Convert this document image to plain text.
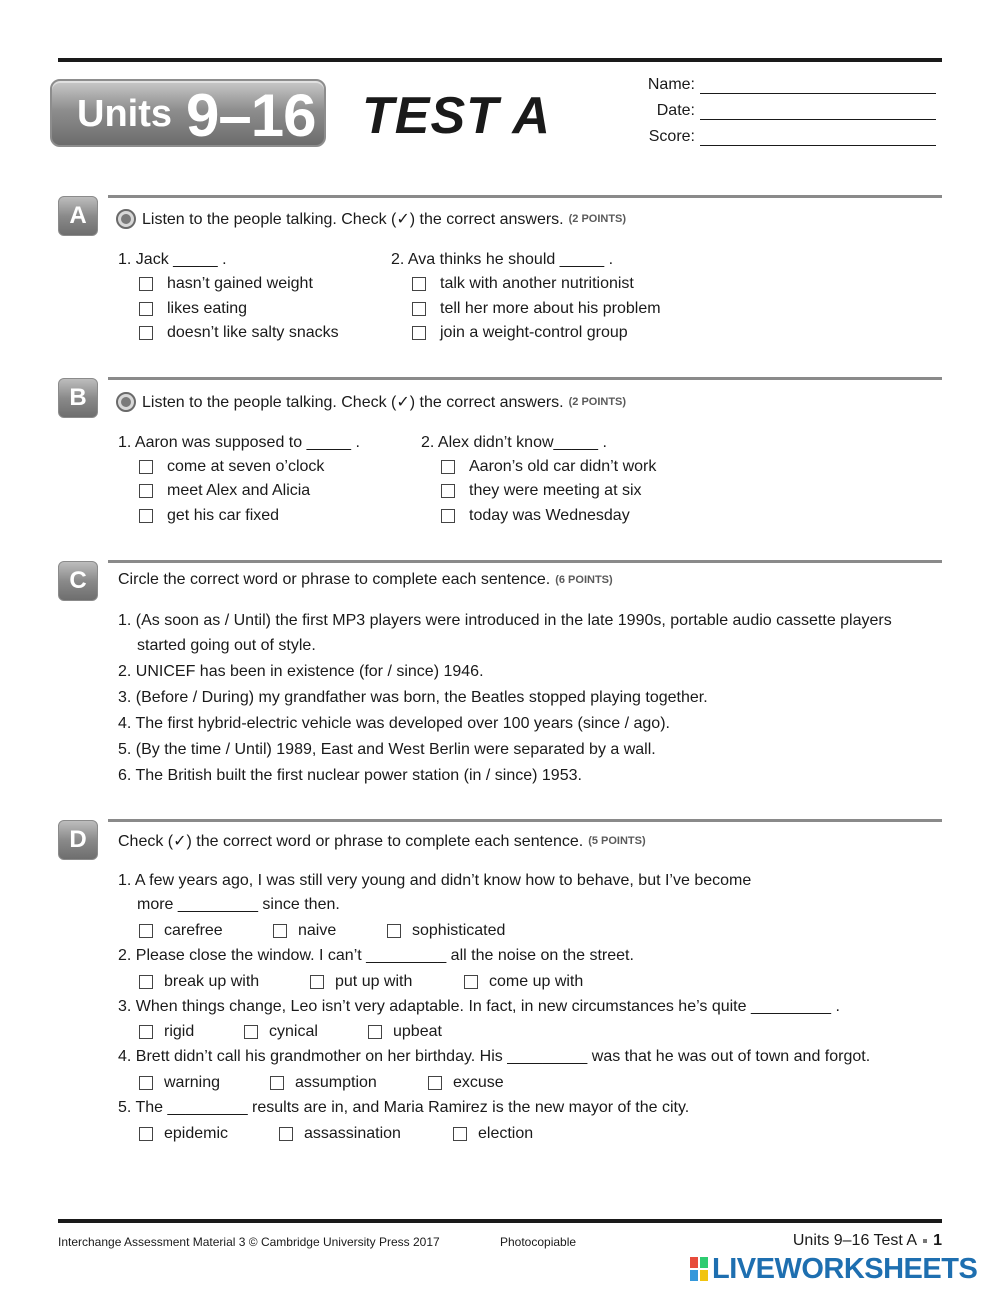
Units 9–16 TEST A
Name:
Date:
Score:
A	Listen to the people talking. Check (✓) the correct answers. (2 POINTS)
1. Jack _____ .
hasn’t gained weight
likes eating
doesn’t like salty snacks
2. Ava thinks he should _____ .
talk with another nutritionist
tell her more about his problem
join a weight-control group
B	Listen to the people talking. Check (✓) the correct answers. (2 POINTS)
1. Aaron was supposed to _____ .
come at seven o’clock
meet Alex and Alicia
get his car fixed
2. Alex didn’t know_____ .
Aaron’s old car didn’t work
they were meeting at six
today was Wednesday
C	Circle the correct word or phrase to complete each sentence. (6 POINTS)
1. (As soon as / Until) the first MP3 players were introduced in the late 1990s, portable audio cassette players
started going out of style.
2. UNICEF has been in existence (for / since) 1946.
3. (Before / During) my grandfather was born, the Beatles stopped playing together.
4. The first hybrid-electric vehicle was developed over 100 years (since / ago).
5. (By the time / Until) 1989, East and West Berlin were separated by a wall.
6. The British built the first nuclear power station (in / since) 1953.
D	Check (✓) the correct word or phrase to complete each sentence. (5 POINTS)
1. A few years ago, I was still very young and didn’t know how to behave, but I’ve become
more _________ since then.
carefree	naive	sophisticated
2. Please close the window. I can’t _________ all the noise on the street.
break up with	put up with	come up with
3. When things change, Leo isn’t very adaptable. In fact, in new circumstances he’s quite _________ .
rigid	cynical	upbeat
4. Brett didn’t call his grandmother on her birthday. His _________ was that he was out of town and forgot.
warning	assumption	excuse
5. The _________ results are in, and Maria Ramirez is the new mayor of the city.
epidemic	assassination	election
Interchange Assessment Material 3 © Cambridge University Press 2017	Photocopiable	Units 9–16 Test A 1
LIVEWORKSHEETS
